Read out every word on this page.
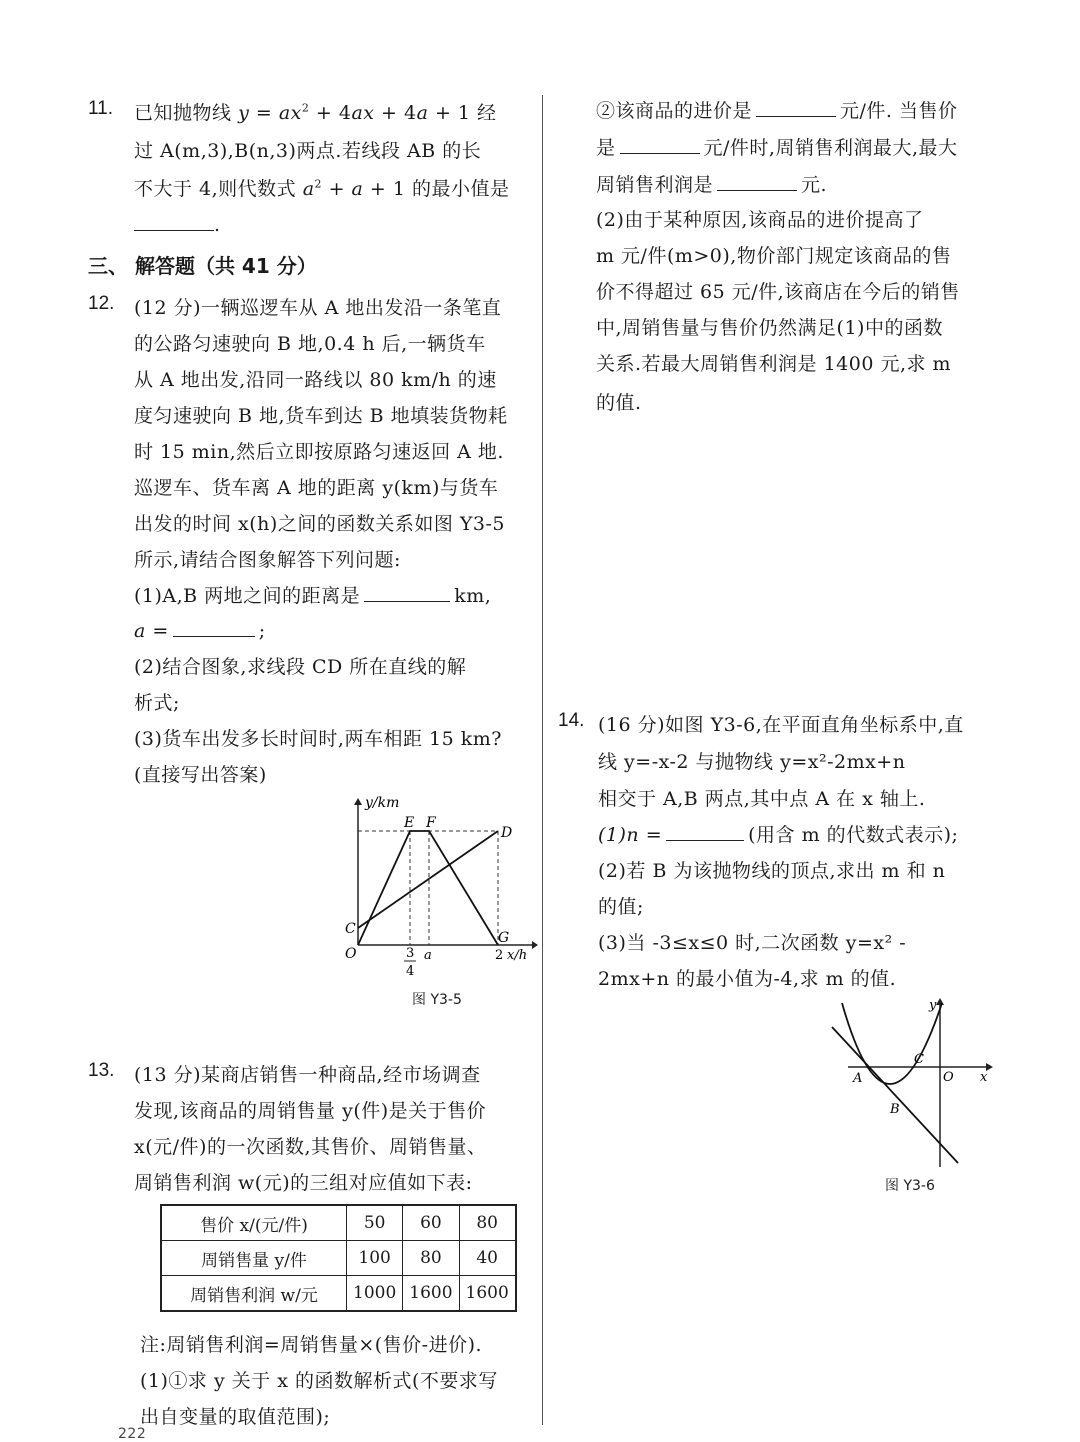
11. 已知抛物线 $y = ax^2 + 4ax + 4a + 1$ 经
过 A(m,3),B(n,3)两点.若线段 AB 的长
不大于 4,则代数式 $a^2 + a + 1$ 的最小值是
.
三、 解答题（共 41 分）
12. (12 分)一辆巡逻车从 A 地出发沿一条笔直
的公路匀速驶向 B 地,0.4 h 后,一辆货车
从 A 地出发,沿同一路线以 80 km/h 的速
度匀速驶向 B 地,货车到达 B 地填装货物耗
时 15 min,然后立即按原路匀速返回 A 地.
巡逻车、货车离 A 地的距离 y(km)与货车
出发的时间 x(h)之间的函数关系如图 Y3-5
所示,请结合图象解答下列问题:
(1)A,B 两地之间的距离是	km,
a =	;
(2)结合图象,求线段 CD 所在直线的解
析式;
(3)货车出发多长时间时,两车相距 15 km?
(直接写出答案)
y/km
E F
D
C
O
G
a	2 x/h
3
4
图 Y3-5
13. (13 分)某商店销售一种商品,经市场调查
发现,该商品的周销售量 y(件)是关于售价
x(元/件)的一次函数,其售价、周销售量、
周销售利润 w(元)的三组对应值如下表:
售价 x/(元/件)	50	60	80
周销售量 y/件	100	80	40
周销售利润 w/元	1000	1600	1600
注:周销售利润=周销售量×(售价-进价).
(1)①求 y 关于 x 的函数解析式(不要求写
出自变量的取值范围);
②该商品的进价是	元/件. 当售价
是	元/件时,周销售利润最大,最大
周销售利润是	元.
(2)由于某种原因,该商品的进价提高了
m 元/件(m>0),物价部门规定该商品的售
价不得超过 65 元/件,该商店在今后的销售
中,周销售量与售价仍然满足(1)中的函数
关系.若最大周销售利润是 1400 元,求 m
的值.
14. (16 分)如图 Y3-6,在平面直角坐标系中,直
线 y=-x-2 与抛物线 y=x²-2mx+n
相交于 A,B 两点,其中点 A 在 x 轴上.
(1)n =	(用含 m 的代数式表示);
(2)若 B 为该抛物线的顶点,求出 m 和 n
的值;
(3)当 -3≤x≤0 时,二次函数 y=x² -
2mx+n 的最小值为-4,求 m 的值.
y
x
A	O
C
B
图 Y3-6
222
